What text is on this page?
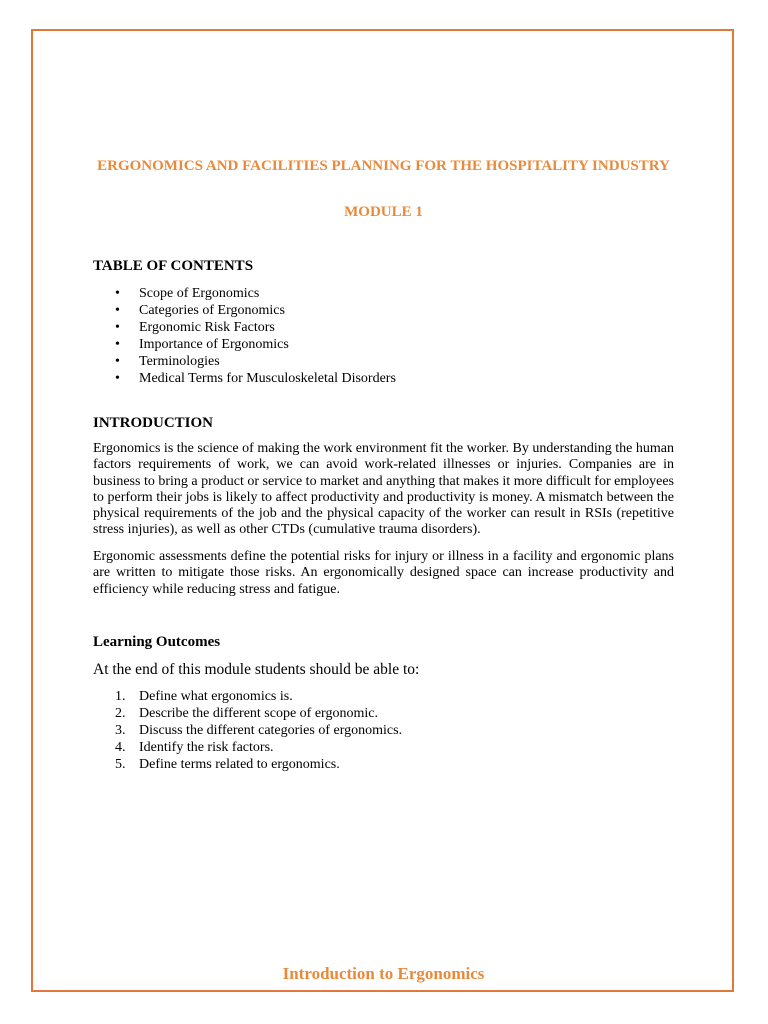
ERGONOMICS AND FACILITIES PLANNING FOR THE HOSPITALITY INDUSTRY
MODULE 1
TABLE OF CONTENTS
• Scope of Ergonomics
• Categories of Ergonomics
• Ergonomic Risk Factors
• Importance of Ergonomics
• Terminologies
• Medical Terms for Musculoskeletal Disorders
INTRODUCTION

Ergonomics is the science of making the work environment fit the worker. By understanding the human factors requirements of work, we can avoid work-related illnesses or injuries. Companies are in business to bring a product or service to market and anything that makes it more difficult for employees to perform their jobs is likely to affect productivity and productivity is money. A mismatch between the physical requirements of the job and the physical capacity of the worker can result in RSIs (repetitive stress injuries), as well as other CTDs (cumulative trauma disorders).

Ergonomic assessments define the potential risks for injury or illness in a facility and ergonomic plans are written to mitigate those risks. An ergonomically designed space can increase productivity and efficiency while reducing stress and fatigue.

Learning Outcomes

At the end of this module students should be able to:

1. Define what ergonomics is.
2. Describe the different scope of ergonomic.
3. Discuss the different categories of ergonomics.
4. Identify the risk factors.
5. Define terms related to ergonomics.

Introduction to Ergonomics
